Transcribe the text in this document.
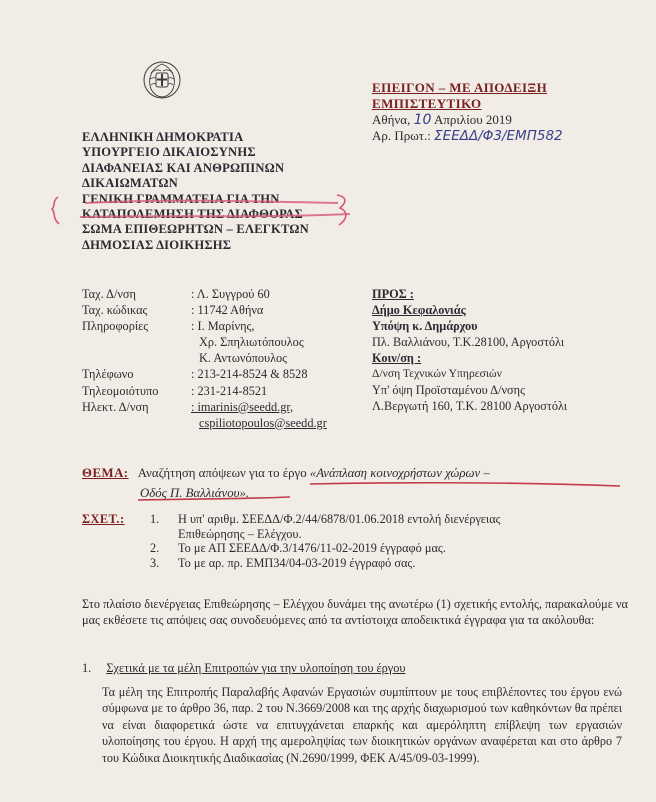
ΕΛΛΗΝΙΚΗ ΔΗΜΟΚΡΑΤΙΑ
ΥΠΟΥΡΓΕΙΟ ΔΙΚΑΙΟΣΥΝΗΣ
ΔΙΑΦΑΝΕΙΑΣ ΚΑΙ ΑΝΘΡΩΠΙΝΩΝ
ΔΙΚΑΙΩΜΑΤΩΝ
ΓΕΝΙΚΗ ΓΡΑΜΜΑΤΕΙΑ ΓΙΑ ΤΗΝ
ΚΑΤΑΠΟΛΕΜΗΣΗ ΤΗΣ ΔΙΑΦΘΟΡΑΣ
ΣΩΜΑ ΕΠΙΘΕΩΡΗΤΩΝ – ΕΛΕΓΚΤΩΝ
ΔΗΜΟΣΙΑΣ ΔΙΟΙΚΗΣΗΣ
ΕΠΕΙΓΟΝ – ΜΕ ΑΠΟΔΕΙΞΗ
ΕΜΠΙΣΤΕΥΤΙΚΟ
Αθήνα, 10 Απριλίου 2019
Αρ. Πρωτ.: ΣΕΕΔΔ/Φ3/ΕΜΠ582
Ταχ. Δ/νση	: Λ. Συγγρού 60
Ταχ. κώδικας	: 11742 Αθήνα
Πληροφορίες	: Ι. Μαρίνης,
Χρ. Σπηλιωτόπουλος
Κ. Αντωνόπουλος
Τηλέφωνο	: 213-214-8524 & 8528
Τηλεομοιότυπο	: 231-214-8521
Ηλεκτ. Δ/νση	: imarinis@seedd.gr,
cspiliotopoulos@seedd.gr
ΠΡΟΣ :
Δήμο Κεφαλονιάς
Υπόψη κ. Δημάρχου
Πλ. Βαλλιάνου, Τ.Κ.28100, Αργοστόλι
Κοιν/ση :
Δ/νση Τεχνικών Υπηρεσιών
Υπ' όψη Προϊσταμένου Δ/νσης
Λ.Βεργωτή 160, Τ.Κ. 28100 Αργοστόλι
ΘΕΜΑ: Αναζήτηση απόψεων για το έργο «Ανάπλαση κοινοχρήστων χώρων –
Οδός Π. Βαλλιάνου».
ΣΧΕΤ.: 1. Η υπ' αριθμ. ΣΕΕΔΔ/Φ.2/44/6878/01.06.2018 εντολή διενέργειας
Επιθεώρησης – Ελέγχου.
2. Το με ΑΠ ΣΕΕΔΔ/Φ.3/1476/11-02-2019 έγγραφό μας.
3. Το με αρ. πρ. ΕΜΠ34/04-03-2019 έγγραφό σας.
Στο πλαίσιο διενέργειας Επιθεώρησης – Ελέγχου δυνάμει της ανωτέρω (1) σχετικής εντολής, παρακαλούμε να μας εκθέσετε τις απόψεις σας συνοδευόμενες από τα αντίστοιχα αποδεικτικά έγγραφα για τα ακόλουθα:
1. Σχετικά με τα μέλη Επιτροπών για την υλοποίηση του έργου
Τα μέλη της Επιτροπής Παραλαβής Αφανών Εργασιών συμπίπτουν με τους επιβλέποντες του έργου ενώ σύμφωνα με το άρθρο 36, παρ. 2 του Ν.3669/2008 και της αρχής διαχωρισμού των καθηκόντων θα πρέπει να είναι διαφορετικά ώστε να επιτυγχάνεται επαρκής και αμερόληπτη επίβλεψη των εργασιών υλοποίησης του έργου. Η αρχή της αμεροληψίας των διοικητικών οργάνων αναφέρεται και στο άρθρο 7 του Κώδικα Διοικητικής Διαδικασίας (Ν.2690/1999, ΦΕΚ Α/45/09-03-1999).
